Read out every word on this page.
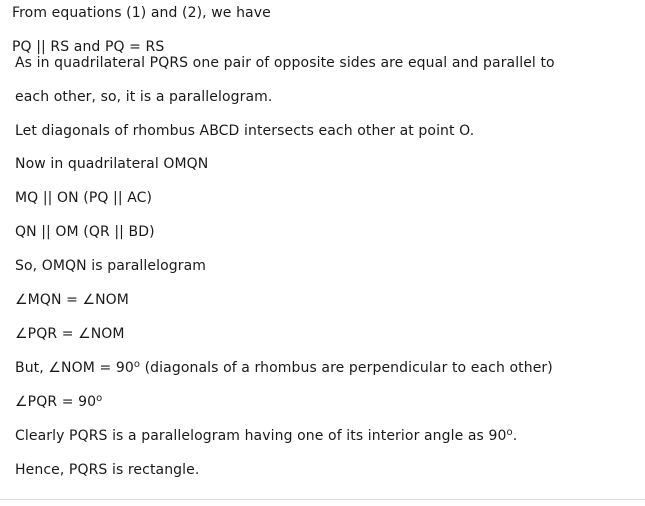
From equations (1) and (2), we have
PQ || RS and PQ = RS
As in quadrilateral PQRS one pair of opposite sides are equal and parallel to
each other, so, it is a parallelogram.
Let diagonals of rhombus ABCD intersects each other at point O.
Now in quadrilateral OMQN
MQ || ON (PQ || AC)
QN || OM (QR || BD)
So, OMQN is parallelogram
∠MQN = ∠NOM
∠PQR = ∠NOM
But, ∠NOM = $90^o$ (diagonals of a rhombus are perpendicular to each other)
∠PQR = $90^o$
Clearly PQRS is a parallelogram having one of its interior angle as 90$^o$.
Hence, PQRS is rectangle.
